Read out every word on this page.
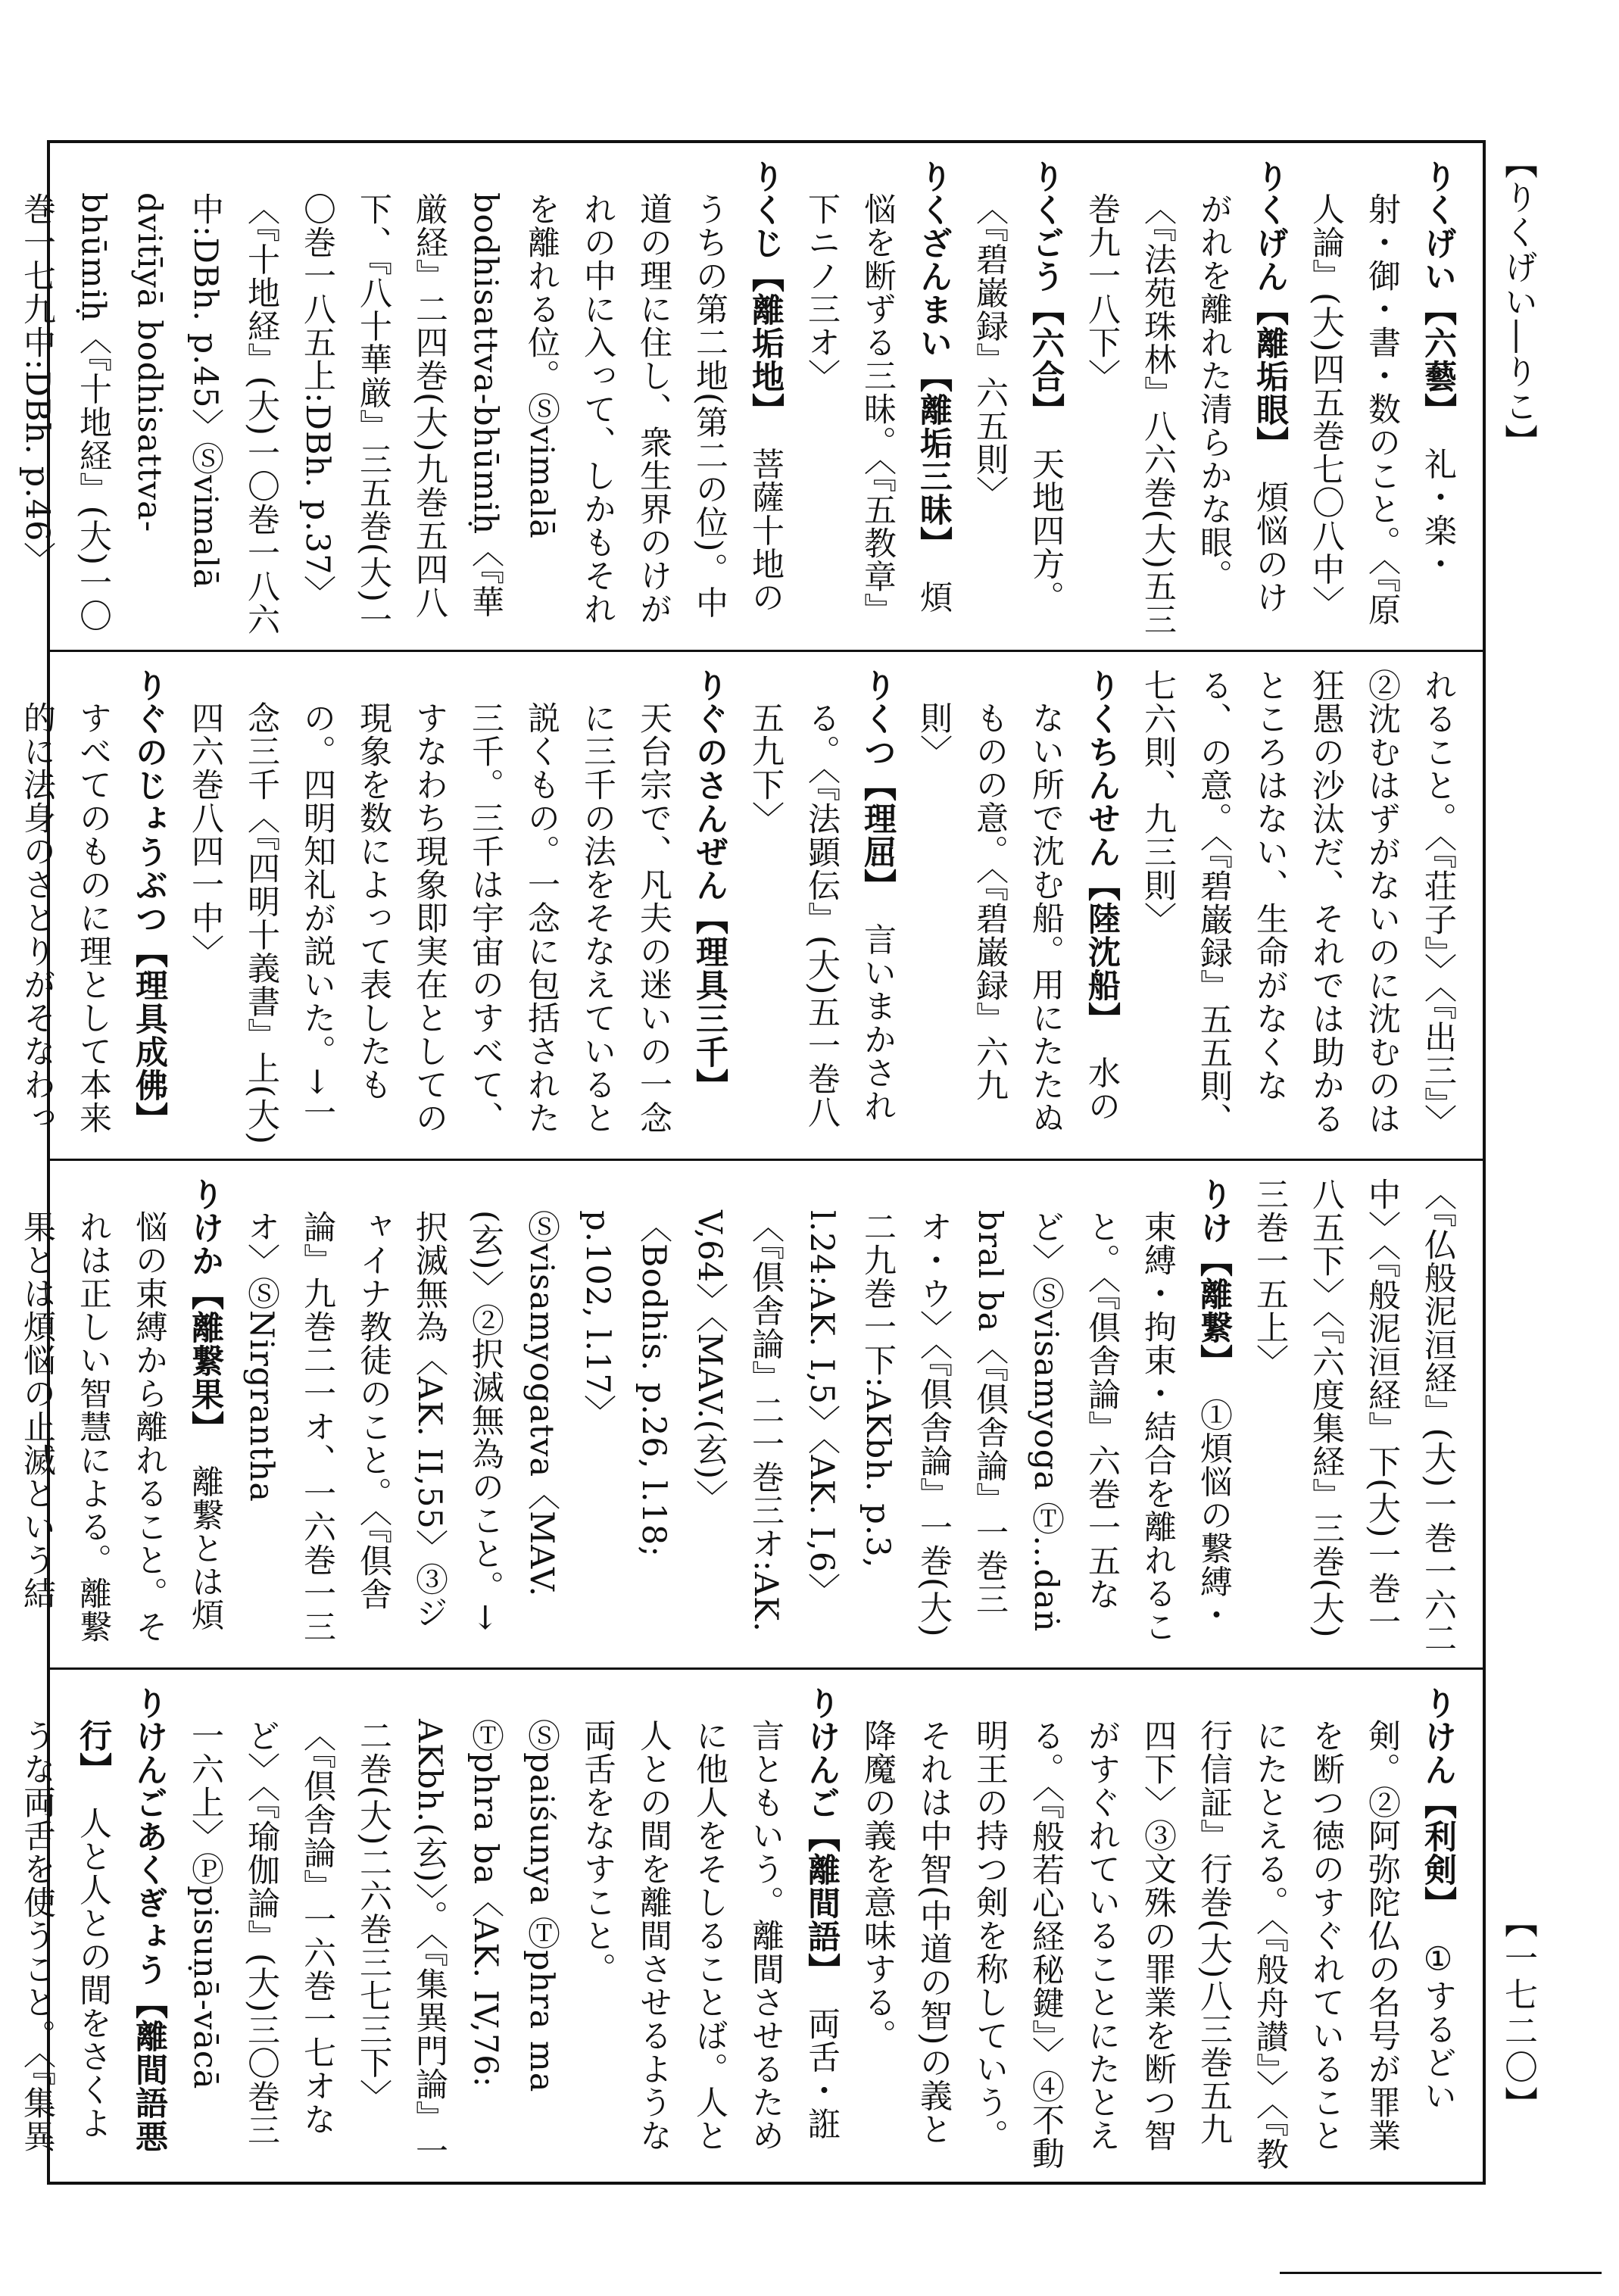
【りくげい―りこ】

りくげい【 六藝 】 礼・楽・射・御・書・数のこと。〈『原人論』(大)四五巻七〇八中〉

りくげん【 離垢眼 】 煩悩のけがれを離れた清らかな眼。〈『法苑珠林』八六巻(大)五三巻九一八下〉

りくごう【 六合 】 天地四方。〈『碧巌録』六五則〉

りくざんまい【 離垢三昧 】 煩悩を断ずる三昧。〈『五教章』下ニノ三オ〉

りくじ【 離垢地 】 菩薩十地のうちの第二地(第二の位)。中道の理に住し、衆生界のけがれの中に入って、しかもそれを離れる位。Ⓢvimalā bodhisattva-bhūmiḥ〈『華厳経』二四巻(大)九巻五四八下、『八十華厳』三五巻(大)一〇巻一八五上:DBh. p.37〉〈『十地経』(大)一〇巻一八六中:DBh. p.45〉Ⓢvimalā dvitīyā bodhisattva-bhūmiḥ〈『十地経』(大)一〇巻一七九中:DBh. p.46〉

れること。〈『荘子』〉〈『出三』〉②沈むはずがないのに沈むのは狂愚の沙汰だ、それでは助かるところはない、生命がなくなる、の意。〈『碧巌録』五五則、七六則、九三則〉

りくちんせん【 陸沈船 】 水のない所で沈む船。用にたたぬものの意。〈『碧巌録』六九則〉

りくつ【 理屈 】 言いまかされる。〈『法顕伝』(大)五一巻八五九下〉

りぐのさんぜん【 理具三千 】 天台宗で、凡夫の迷いの一念に三千の法をそなえていると説くもの。一念に包括された三千。三千は宇宙のすべて、すなわち現象即実在としての現象を数によって表したもの。四明知礼が説いた。→一念三千〈『四明十義書』上(大)四六巻八四一中〉

りぐのじょうぶつ【 理具成佛 】 すべてのものに理として本来的に法身のさとりがそなわっ

〈『仏般泥洹経』(大)一巻一六二中〉〈『般泥洹経』下(大)一巻一八五下〉〈『六度集経』三巻(大)三巻一五上〉

りけ【 離繋 】 ①煩悩の繋縛・束縛・拘束・結合を離れること。〈『倶舎論』六巻一五など〉Ⓢvisamyoga Ⓣ...daṅ bral ba〈『倶舎論』一巻三オ・ウ〉〈『倶舎論』一巻(大)二九巻一下:AKbh. p.3, l.24:AK. I,5〉〈AK. I,6〉〈『倶舎論』二一巻三オ:AK. V,64〉〈MAV.(玄)〉〈Bodhis. p.26, l.18; p.102, l.17〉Ⓢvisamyogatva〈MAV.(玄)〉②択滅無為のこと。→択滅無為〈AK. II,55〉③ジャイナ教徒のこと。〈『倶舎論』九巻二一オ、一六巻一三オ〉ⓈNirgrantha

りけか【 離繋果 】 離繋とは煩悩の束縛から離れること。それは正しい智慧による。離繋果とは煩悩の止滅という結

りけん【 利剣 】 ①するどい剣。②阿弥陀仏の名号が罪業を断つ徳のすぐれていることにたとえる。〈『般舟讃』〉〈『教行信証』行巻(大)八三巻五九四下〉③文殊の罪業を断つ智がすぐれていることにたとえる。〈『般若心経秘鍵』〉④不動明王の持つ剣を称していう。それは中智(中道の智)の義と降魔の義を意味する。

りけんご【 離間語 】 両舌・誑言ともいう。離間させるために他人をそしることば。人と人との間を離間させるような両舌をなすこと。Ⓢpaiśunya Ⓣphra ma Ⓣphra ba〈AK. IV,76: AKbh.(玄)〉。〈『集異門論』一二巻(大)二六巻三七三下〉〈『倶舎論』一六巻一七オなど〉〈『瑜伽論』(大)三〇巻三一六上〉Ⓟpisuṇā-vācā

りけんごあくぎょう【 離間語悪行 】 人と人との間をさくような両舌を使うこと。〈『集異

【一七二〇】
